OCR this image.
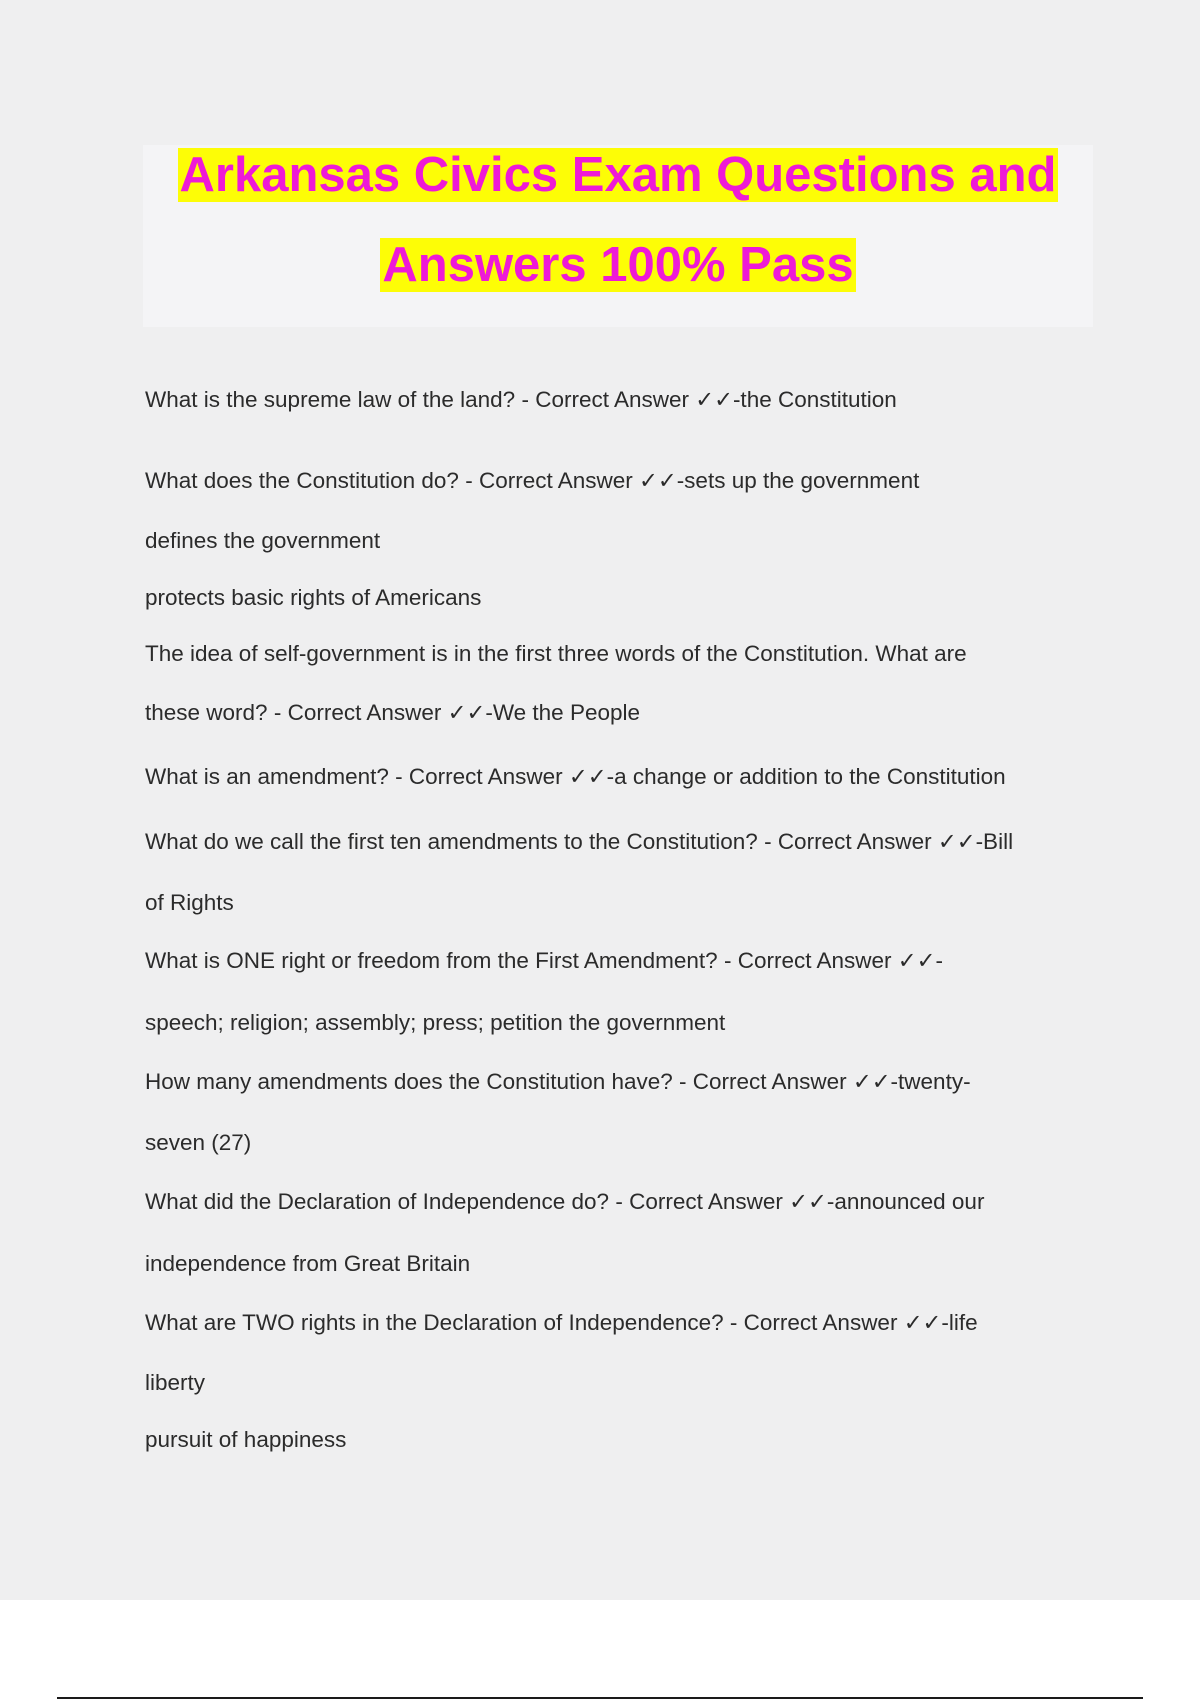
Arkansas Civics Exam Questions and
Answers 100% Pass
What is the supreme law of the land? - Correct Answer ✓✓-the Constitution
What does the Constitution do? - Correct Answer ✓✓-sets up the government
defines the government
protects basic rights of Americans
The idea of self-government is in the first three words of the Constitution. What are
these word? - Correct Answer ✓✓-We the People
What is an amendment? - Correct Answer ✓✓-a change or addition to the Constitution
What do we call the first ten amendments to the Constitution? - Correct Answer ✓✓-Bill
of Rights
What is ONE right or freedom from the First Amendment? - Correct Answer ✓✓-
speech; religion; assembly; press; petition the government
How many amendments does the Constitution have? - Correct Answer ✓✓-twenty-
seven (27)
What did the Declaration of Independence do? - Correct Answer ✓✓-announced our
independence from Great Britain
What are TWO rights in the Declaration of Independence? - Correct Answer ✓✓-life
liberty
pursuit of happiness
